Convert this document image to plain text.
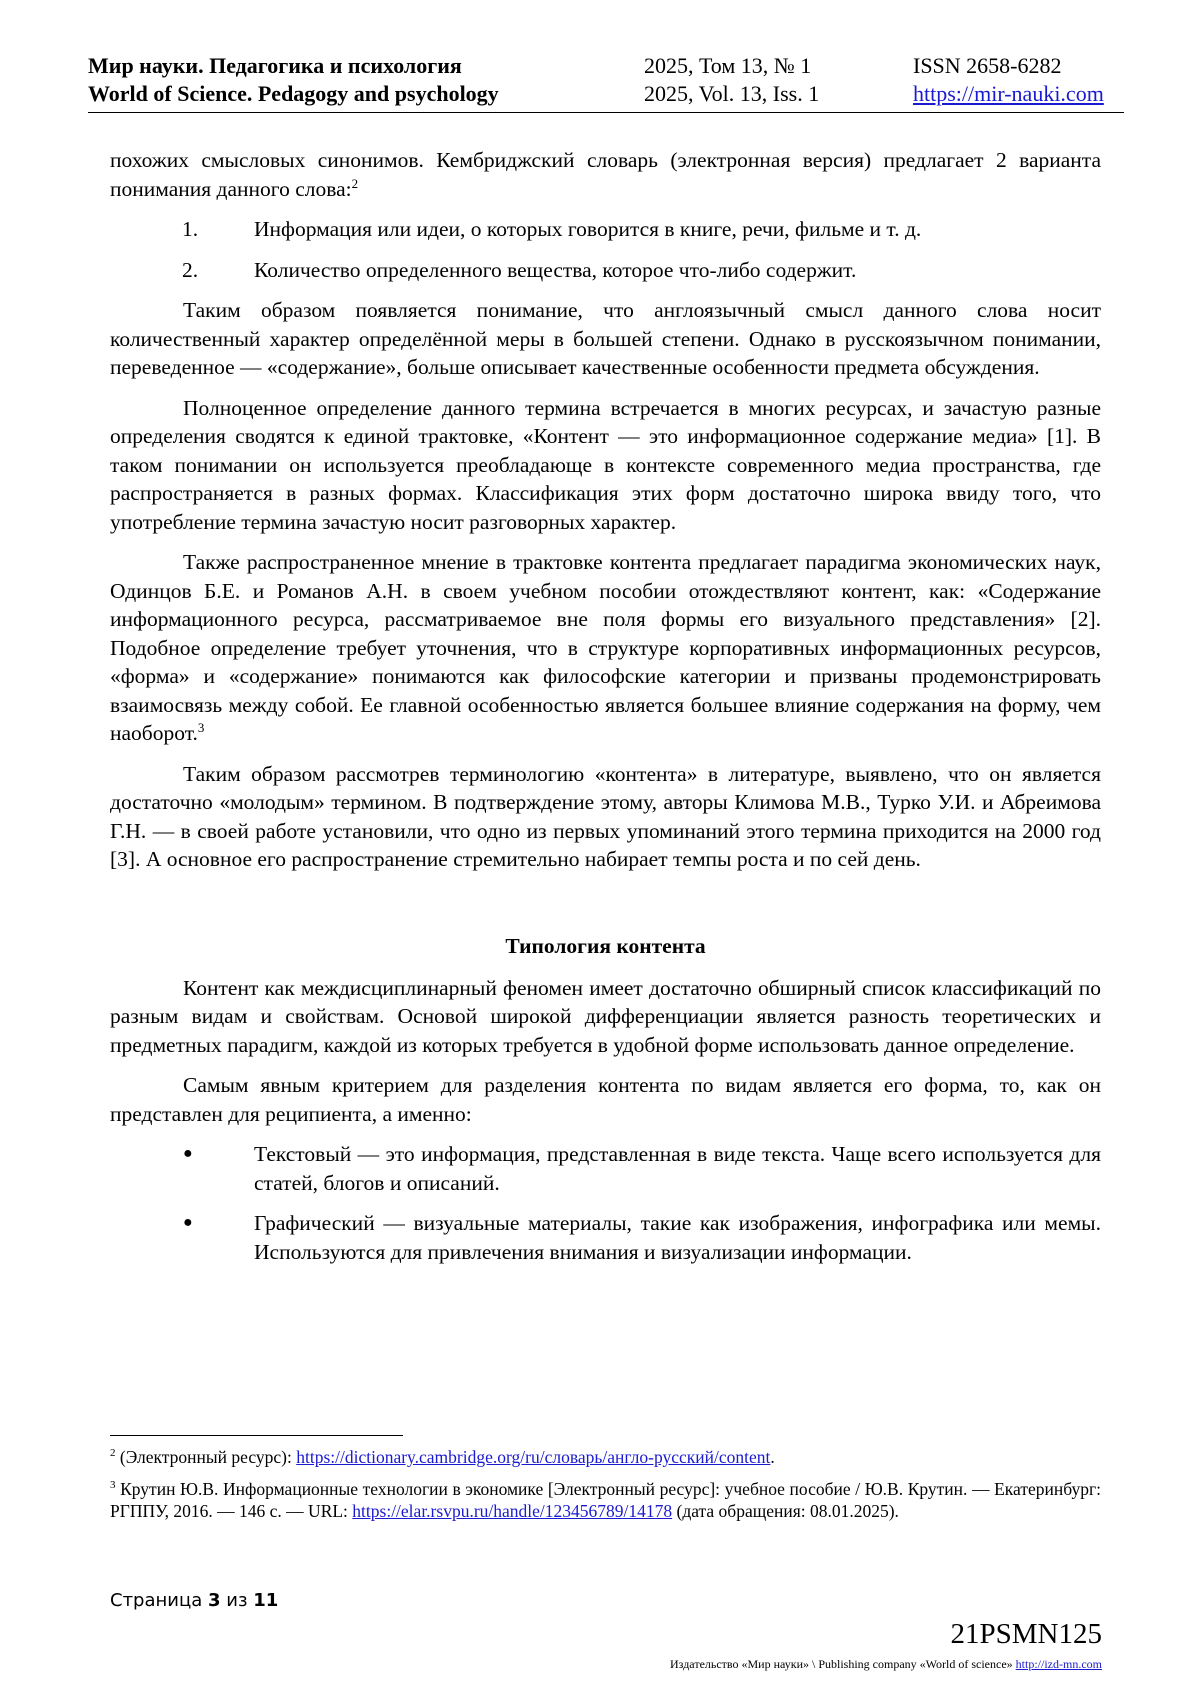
Мир науки. Педагогика и психология
World of Science. Pedagogy and psychology
2025, Том 13, № 1
2025, Vol. 13, Iss. 1
ISSN 2658-6282
https://mir-nauki.com

похожих смысловых синонимов. Кембриджский словарь (электронная версия) предлагает 2 варианта понимания данного слова:$^2$

1.	Информация или идеи, о которых говорится в книге, речи, фильме и т. д.
2.	Количество определенного вещества, которое что-либо содержит.

Таким образом появляется понимание, что англоязычный смысл данного слова носит количественный характер определённой меры в большей степени. Однако в русскоязычном понимании, переведенное — «содержание», больше описывает качественные особенности предмета обсуждения.

Полноценное определение данного термина встречается в многих ресурсах, и зачастую разные определения сводятся к единой трактовке, «Контент — это информационное содержание медиа» [1]. В таком понимании он используется преобладающе в контексте современного медиа пространства, где распространяется в разных формах. Классификация этих форм достаточно широка ввиду того, что употребление термина зачастую носит разговорных характер.

Также распространенное мнение в трактовке контента предлагает парадигма экономических наук, Одинцов Б.Е. и Романов А.Н. в своем учебном пособии отождествляют контент, как: «Содержание информационного ресурса, рассматриваемое вне поля формы его визуального представления» [2]. Подобное определение требует уточнения, что в структуре корпоративных информационных ресурсов, «форма» и «содержание» понимаются как философские категории и призваны продемонстрировать взаимосвязь между собой. Ее главной особенностью является большее влияние содержания на форму, чем наоборот.$^3$

Таким образом рассмотрев терминологию «контента» в литературе, выявлено, что он является достаточно «молодым» термином. В подтверждение этому, авторы Климова М.В., Турко У.И. и Абреимова Г.Н. — в своей работе установили, что одно из первых упоминаний этого термина приходится на 2000 год [3]. А основное его распространение стремительно набирает темпы роста и по сей день.

Типология контента

Контент как междисциплинарный феномен имеет достаточно обширный список классификаций по разным видам и свойствам. Основой широкой дифференциации является разность теоретических и предметных парадигм, каждой из которых требуется в удобной форме использовать данное определение.

Самым явным критерием для разделения контента по видам является его форма, то, как он представлен для реципиента, а именно:

●	Текстовый — это информация, представленная в виде текста. Чаще всего используется для статей, блогов и описаний.
●	Графический — визуальные материалы, такие как изображения, инфографика или мемы. Используются для привлечения внимания и визуализации информации.

$^2$ (Электронный ресурс): https://dictionary.cambridge.org/ru/словарь/англо-русский/content.

$^3$ Крутин Ю.В. Информационные технологии в экономике [Электронный ресурс]: учебное пособие / Ю.В. Крутин. — Екатеринбург: РГППУ, 2016. — 146 с. — URL: https://elar.rsvpu.ru/handle/123456789/14178 (дата обращения: 08.01.2025).

Страница 3 из 11
21PSMN125
Издательство «Мир науки» \ Publishing company «World of science» http://izd-mn.com
